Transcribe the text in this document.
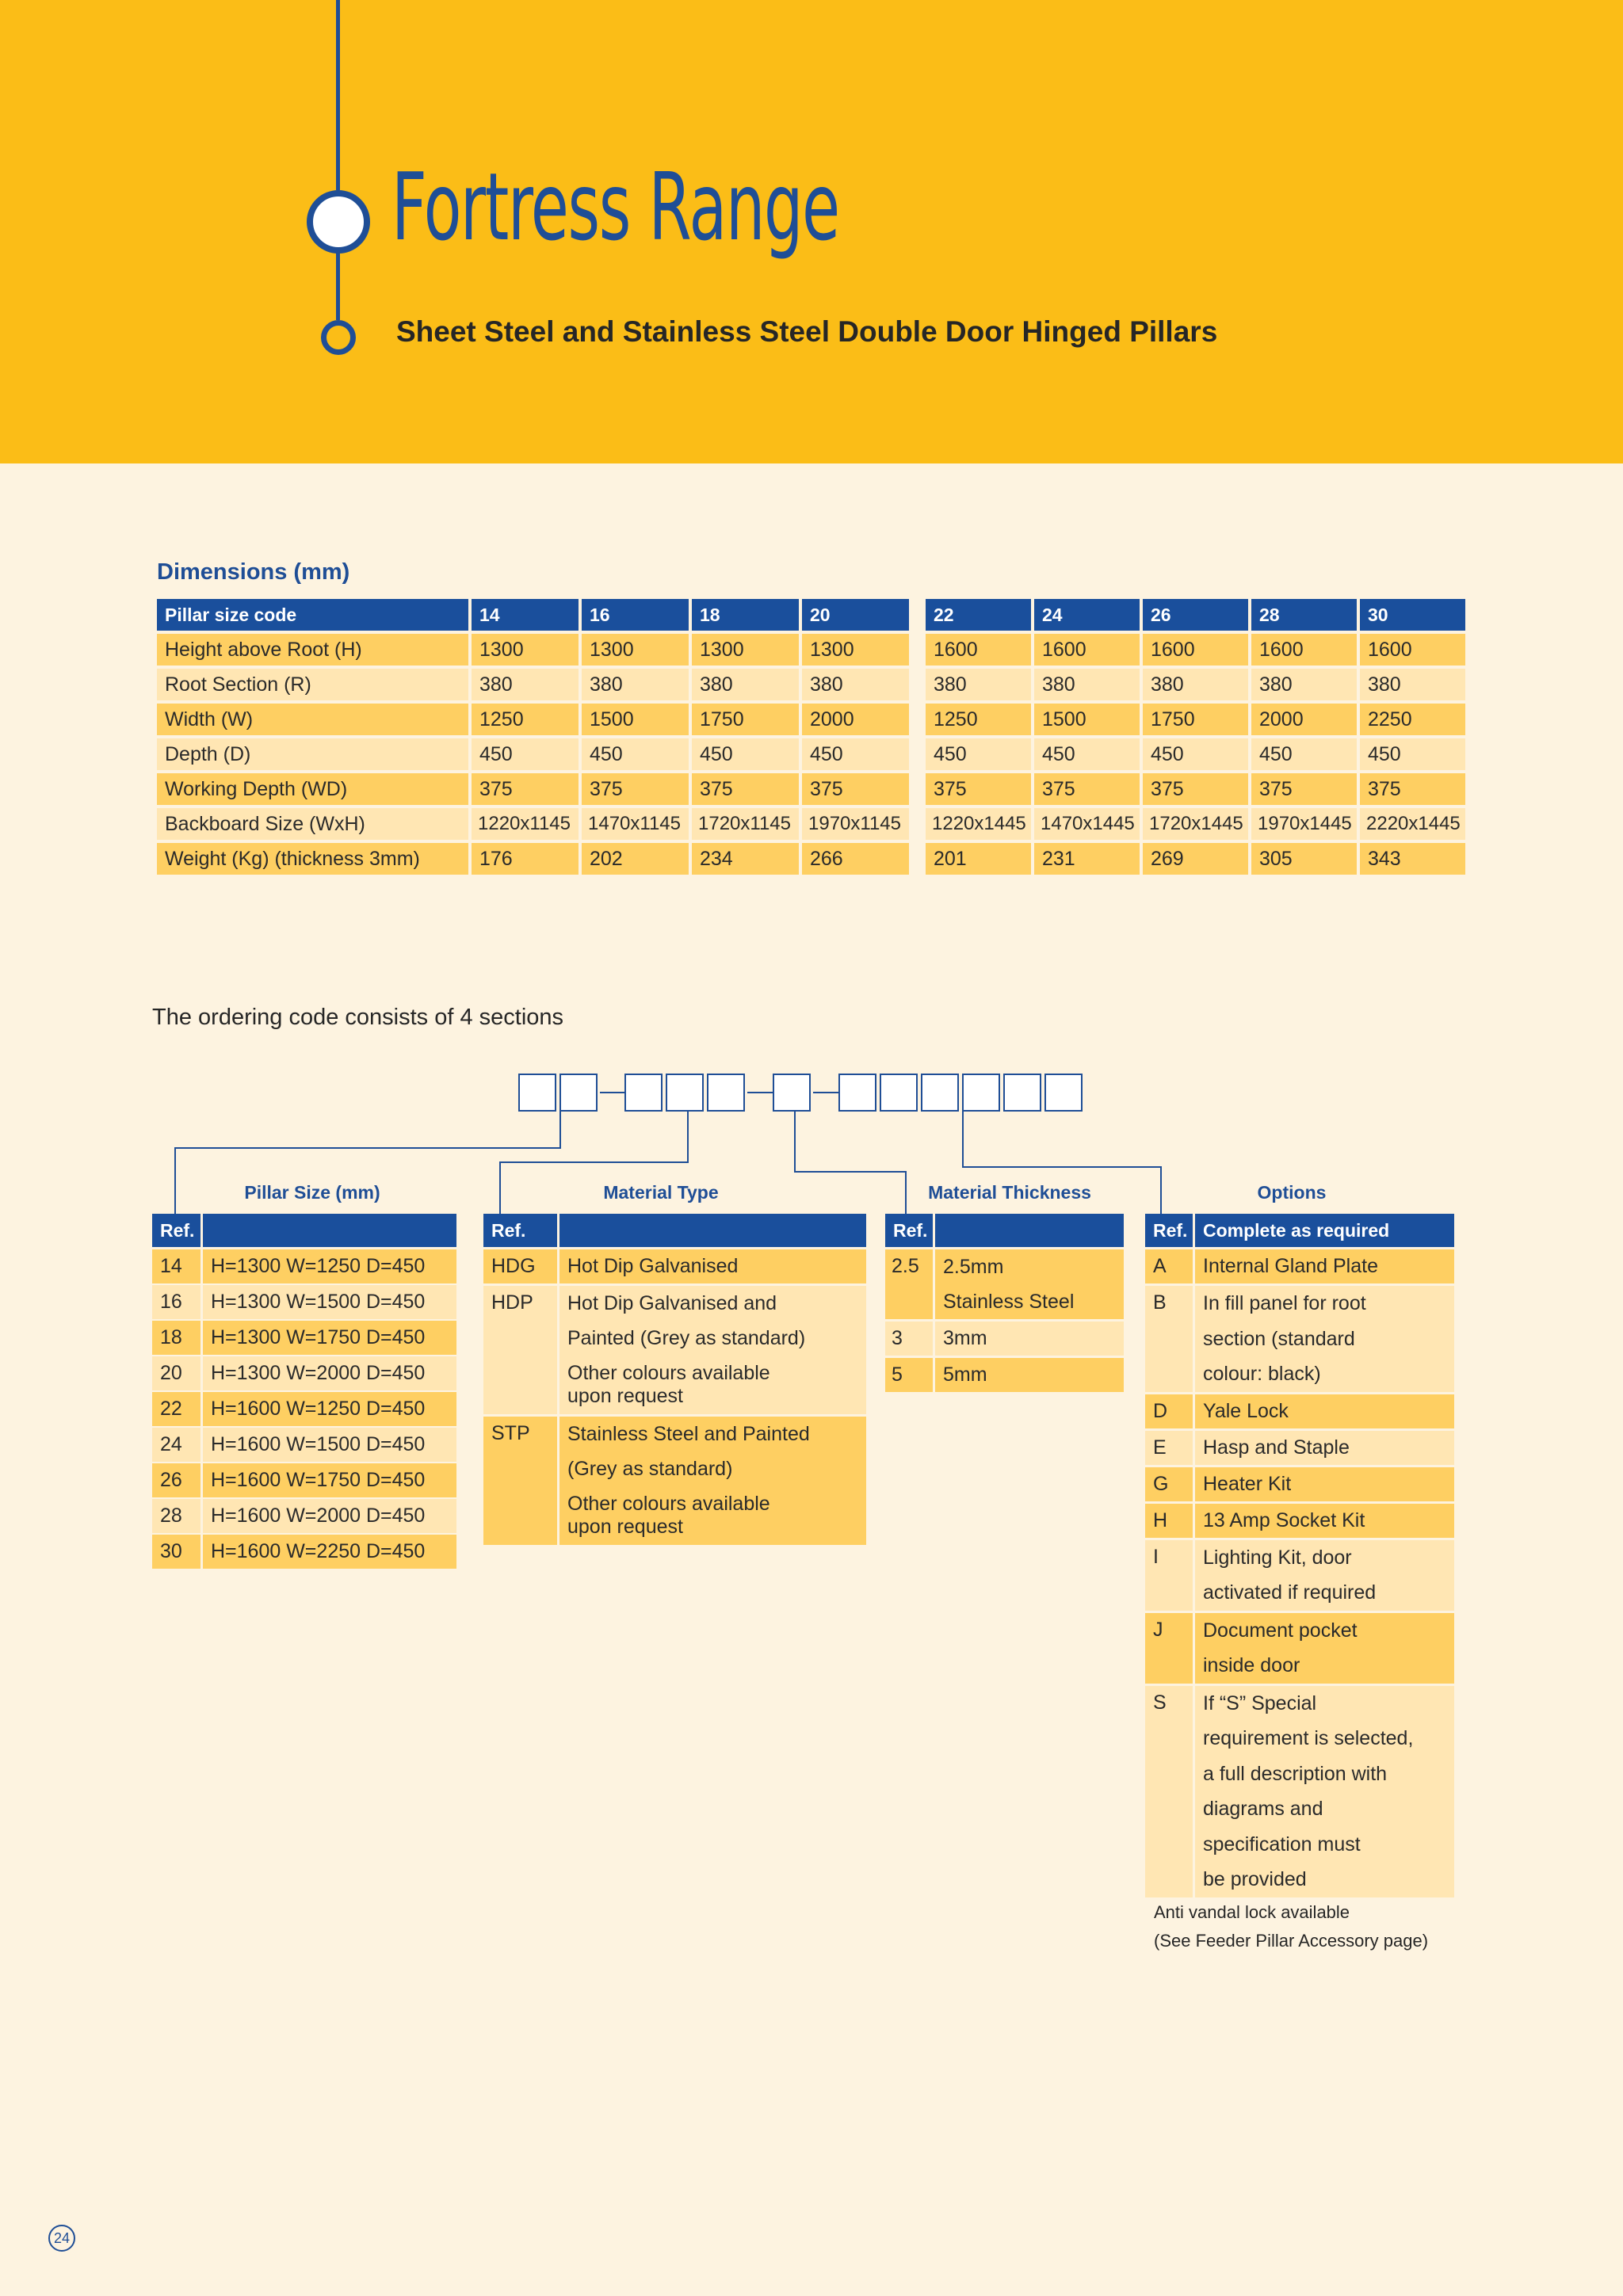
Fortress Range
Sheet Steel and Stainless Steel Double Door Hinged Pillars
Dimensions (mm)
Pillar size code	14	16	18	20
Height above Root (H)	1300	1300	1300	1300
Root Section (R)	380	380	380	380
Width (W)	1250	1500	1750	2000
Depth (D)	450	450	450	450
Working Depth (WD)	375	375	375	375
Backboard Size (WxH)	1220x1145 1470x1145 1720x1145 1970x1145
Weight (Kg) (thickness 3mm)	176	202	234	266
22	24	26	28	30
1600	1600	1600	1600	1600
380	380	380	380	380
1250	1500	1750	2000	2250
450	450	450	450	450
375	375	375	375	375
1220x1445 1470x1445 1720x1445 1970x1445 2220x1445
201	231	269	305	343
The ordering code consists of 4 sections
Pillar Size (mm)	Material Type	Material Thickness	Options
Ref.
14	H=1300 W=1250 D=450
16	H=1300 W=1500 D=450
18	H=1300 W=1750 D=450
20	H=1300 W=2000 D=450
22	H=1600 W=1250 D=450
24	H=1600 W=1500 D=450
26	H=1600 W=1750 D=450
28	H=1600 W=2000 D=450
30	H=1600 W=2250 D=450
Ref.
HDG	Hot Dip Galvanised
HDP	Hot Dip Galvanised and
Painted (Grey as standard)
Other colours available
upon request
STP	Stainless Steel and Painted
(Grey as standard)
Other colours available
upon request
Ref.
2.5	2.5mm
Stainless Steel
3	3mm
5	5mm
Ref. Complete as required
A	Internal Gland Plate
B	In fill panel for root
section (standard
colour: black)
D	Yale Lock
E	Hasp and Staple
G	Heater Kit
H	13 Amp Socket Kit
I	Lighting Kit, door
activated if required
J	Document pocket
inside door
S	If “S” Special
requirement is selected,
a full description with
diagrams and
specification must
be provided
Anti vandal lock available
(See Feeder Pillar Accessory page)
24
